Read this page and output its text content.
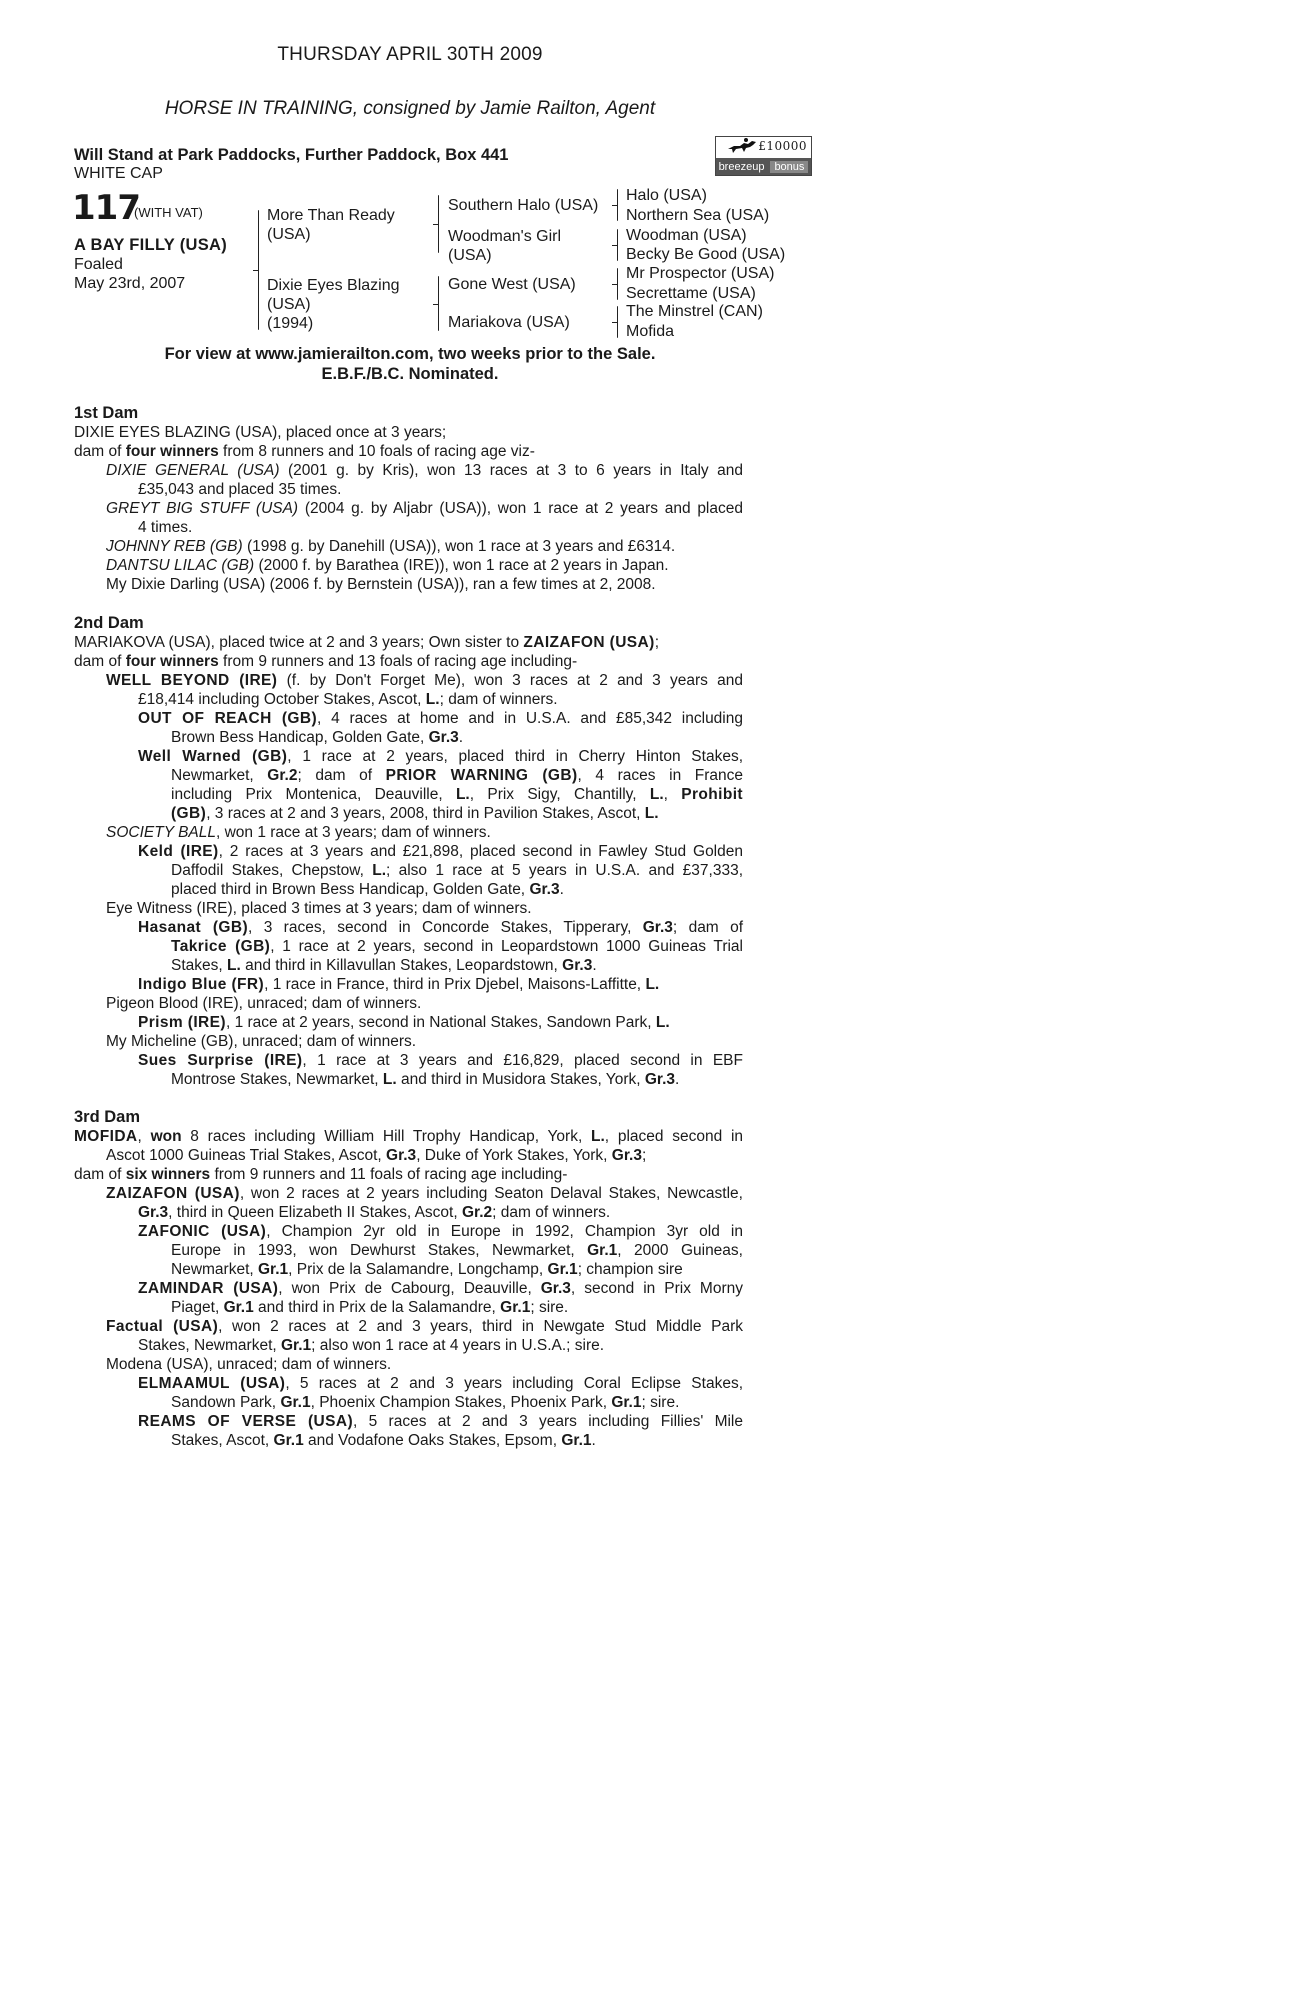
THURSDAY APRIL 30TH 2009
HORSE IN TRAINING, consigned by Jamie Railton, Agent
Will Stand at Park Paddocks, Further Paddock, Box 441
WHITE CAP
£10000
breezeup bonus
117
(WITH VAT)
A BAY FILLY (USA)
Foaled
May 23rd, 2007
More Than Ready
(USA)
Dixie Eyes Blazing
(USA)
(1994)
Southern Halo (USA)
Woodman's Girl
(USA)
Gone West (USA)
Mariakova (USA)
Halo (USA)
Northern Sea (USA)
Woodman (USA)
Becky Be Good (USA)
Mr Prospector (USA)
Secrettame (USA)
The Minstrel (CAN)
Mofida
For view at www.jamierailton.com, two weeks prior to the Sale.
E.B.F./B.C. Nominated.
1st Dam
DIXIE EYES BLAZING (USA), placed once at 3 years;
dam of four winners from 8 runners and 10 foals of racing age viz-
DIXIE GENERAL (USA) (2001 g. by Kris), won 13 races at 3 to 6 years in Italy and
£35,043 and placed 35 times.
GREYT BIG STUFF (USA) (2004 g. by Aljabr (USA)), won 1 race at 2 years and placed
4 times.
JOHNNY REB (GB) (1998 g. by Danehill (USA)), won 1 race at 3 years and £6314.
DANTSU LILAC (GB) (2000 f. by Barathea (IRE)), won 1 race at 2 years in Japan.
My Dixie Darling (USA) (2006 f. by Bernstein (USA)), ran a few times at 2, 2008.
2nd Dam
MARIAKOVA (USA), placed twice at 2 and 3 years; Own sister to ZAIZAFON (USA);
dam of four winners from 9 runners and 13 foals of racing age including-
WELL BEYOND (IRE) (f. by Don't Forget Me), won 3 races at 2 and 3 years and
£18,414 including October Stakes, Ascot, L.; dam of winners.
OUT OF REACH (GB), 4 races at home and in U.S.A. and £85,342 including
Brown Bess Handicap, Golden Gate, Gr.3.
Well Warned (GB), 1 race at 2 years, placed third in Cherry Hinton Stakes,
Newmarket, Gr.2; dam of PRIOR WARNING (GB), 4 races in France
including Prix Montenica, Deauville, L., Prix Sigy, Chantilly, L., Prohibit
(GB), 3 races at 2 and 3 years, 2008, third in Pavilion Stakes, Ascot, L.
SOCIETY BALL, won 1 race at 3 years; dam of winners.
Keld (IRE), 2 races at 3 years and £21,898, placed second in Fawley Stud Golden
Daffodil Stakes, Chepstow, L.; also 1 race at 5 years in U.S.A. and £37,333,
placed third in Brown Bess Handicap, Golden Gate, Gr.3.
Eye Witness (IRE), placed 3 times at 3 years; dam of winners.
Hasanat (GB), 3 races, second in Concorde Stakes, Tipperary, Gr.3; dam of
Takrice (GB), 1 race at 2 years, second in Leopardstown 1000 Guineas Trial
Stakes, L. and third in Killavullan Stakes, Leopardstown, Gr.3.
Indigo Blue (FR), 1 race in France, third in Prix Djebel, Maisons-Laffitte, L.
Pigeon Blood (IRE), unraced; dam of winners.
Prism (IRE), 1 race at 2 years, second in National Stakes, Sandown Park, L.
My Micheline (GB), unraced; dam of winners.
Sues Surprise (IRE), 1 race at 3 years and £16,829, placed second in EBF
Montrose Stakes, Newmarket, L. and third in Musidora Stakes, York, Gr.3.
3rd Dam
MOFIDA, won 8 races including William Hill Trophy Handicap, York, L., placed second in
Ascot 1000 Guineas Trial Stakes, Ascot, Gr.3, Duke of York Stakes, York, Gr.3;
dam of six winners from 9 runners and 11 foals of racing age including-
ZAIZAFON (USA), won 2 races at 2 years including Seaton Delaval Stakes, Newcastle,
Gr.3, third in Queen Elizabeth II Stakes, Ascot, Gr.2; dam of winners.
ZAFONIC (USA), Champion 2yr old in Europe in 1992, Champion 3yr old in
Europe in 1993, won Dewhurst Stakes, Newmarket, Gr.1, 2000 Guineas,
Newmarket, Gr.1, Prix de la Salamandre, Longchamp, Gr.1; champion sire
ZAMINDAR (USA), won Prix de Cabourg, Deauville, Gr.3, second in Prix Morny
Piaget, Gr.1 and third in Prix de la Salamandre, Gr.1; sire.
Factual (USA), won 2 races at 2 and 3 years, third in Newgate Stud Middle Park
Stakes, Newmarket, Gr.1; also won 1 race at 4 years in U.S.A.; sire.
Modena (USA), unraced; dam of winners.
ELMAAMUL (USA), 5 races at 2 and 3 years including Coral Eclipse Stakes,
Sandown Park, Gr.1, Phoenix Champion Stakes, Phoenix Park, Gr.1; sire.
REAMS OF VERSE (USA), 5 races at 2 and 3 years including Fillies' Mile
Stakes, Ascot, Gr.1 and Vodafone Oaks Stakes, Epsom, Gr.1.
